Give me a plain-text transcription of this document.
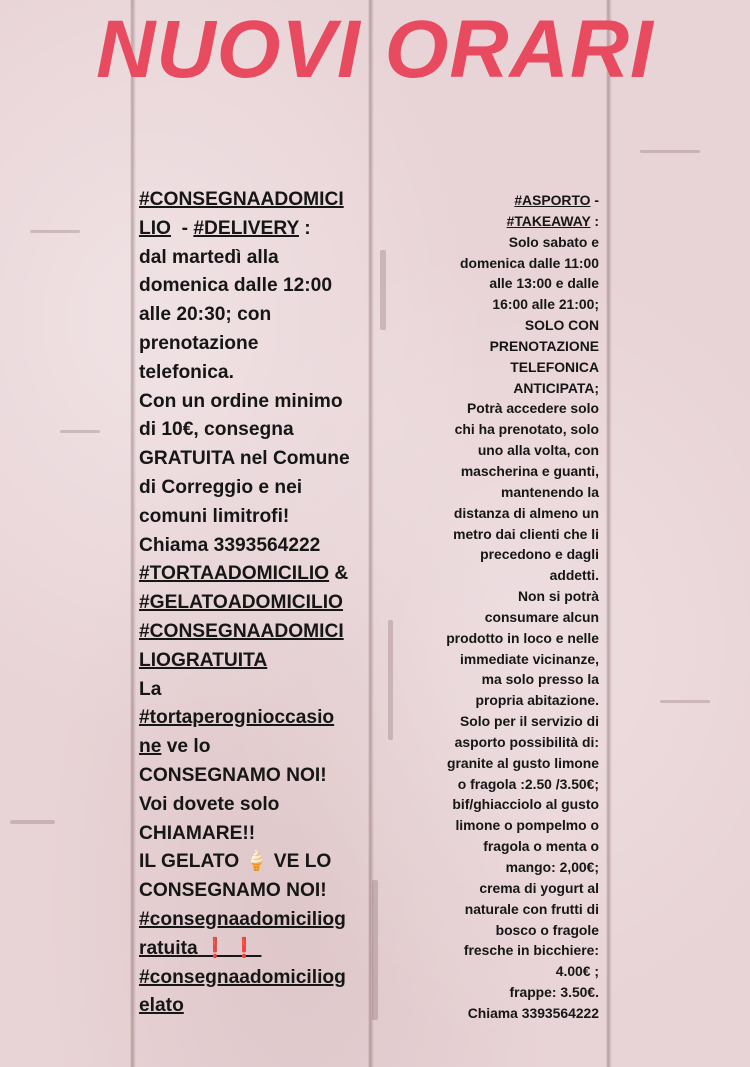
NUOVI ORARI
#CONSEGNAADOMICI
LIO  - #DELIVERY :
dal martedì alla
domenica dalle 12:00
alle 20:30; con
prenotazione
telefonica.
Con un ordine minimo
di 10€, consegna
GRATUITA nel Comune
di Correggio e nei
comuni limitrofi!
Chiama 3393564222
#TORTAADOMICILIO &
#GELATOADOMICILIO
#CONSEGNAADOMICI
LIOGRATUITA
La
#tortaperognioccasio
ne ve lo
CONSEGNAMO NOI!
Voi dovete solo
CHIAMARE!!
IL GELATO 🍦 VE LO
CONSEGNAMO NOI!
#consegnaadomiciliog
ratuita ❗ ❗
#consegnaadomiciliog
elato
#ASPORTO -
#TAKEAWAY :
Solo sabato e
domenica dalle 11:00
alle 13:00 e dalle
16:00 alle 21:00;
SOLO CON
PRENOTAZIONE
TELEFONICA
ANTICIPATA;
Potrà accedere solo
chi ha prenotato, solo
uno alla volta, con
mascherina e guanti,
mantenendo la
distanza di almeno un
metro dai clienti che li
precedono e dagli
addetti.
Non si potrà
consumare alcun
prodotto in loco e nelle
immediate vicinanze,
ma solo presso la
propria abitazione.
Solo per il servizio di
asporto possibilità di:
granite al gusto limone
o fragola :2.50 /3.50€;
bif/ghiacciolo al gusto
limone o pompelmo o
fragola o menta o
mango: 2,00€;
crema di yogurt al
naturale con frutti di
bosco o fragole
fresche in bicchiere:
4.00€ ;
frappe: 3.50€.
Chiama 3393564222
